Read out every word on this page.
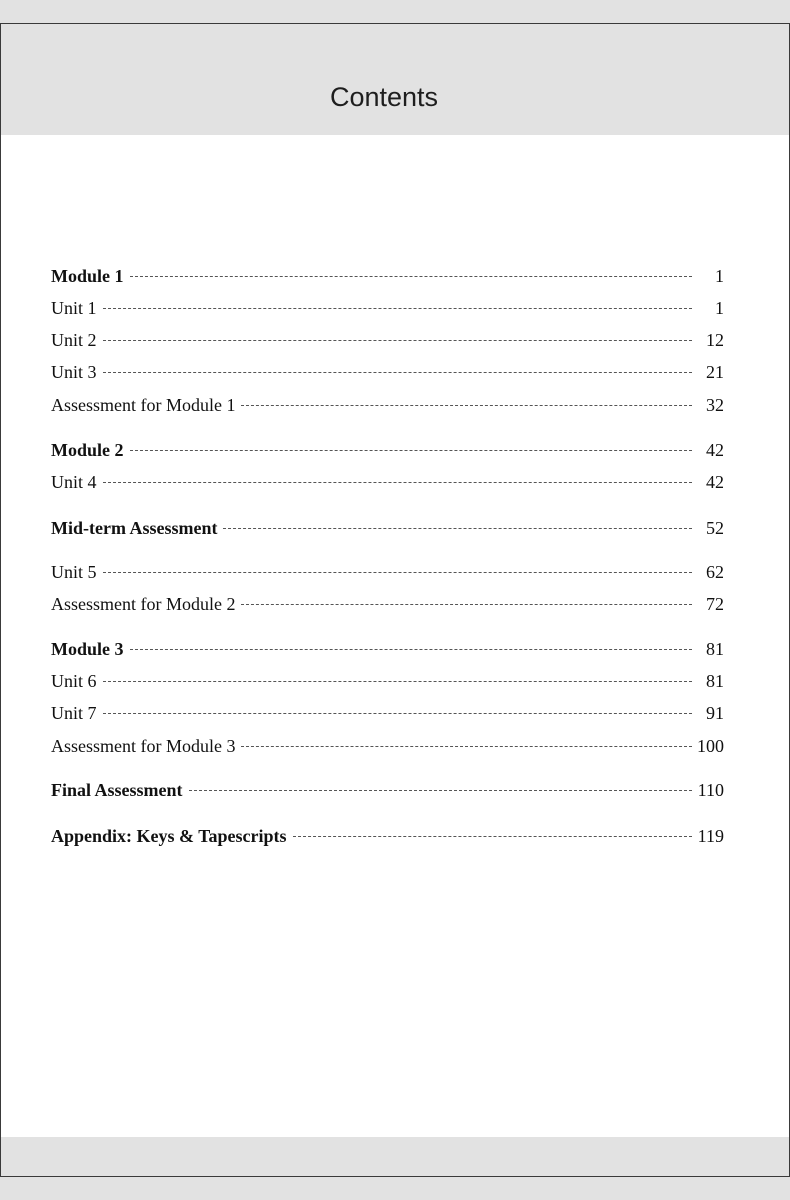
Contents
Module 1	1
Unit 1	1
Unit 2	12
Unit 3	21
Assessment for Module 1	32
Module 2	42
Unit 4	42
Mid-term Assessment	52
Unit 5	62
Assessment for Module 2	72
Module 3	81
Unit 6	81
Unit 7	91
Assessment for Module 3	100
Final Assessment	110
Appendix: Keys & Tapescripts	119
